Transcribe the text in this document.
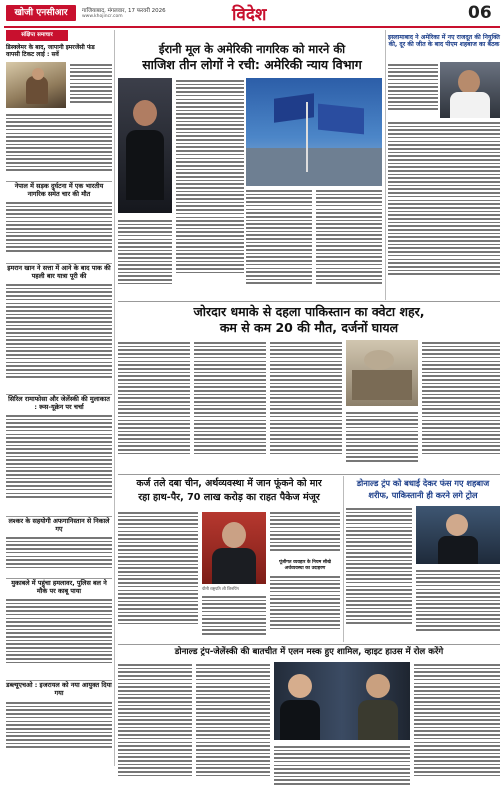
खोजी एनसीआर	गाजियाबाद, मंगलवार, 17 फरवरी 2026
www.khojincr.com	विदेश	06
संक्षिप्त समाचार
डिस्क्लेमर के बाद, जापानी इमरजेंसी फंड वापसी टिकट लाई : सर्वे
नेपाल में सड़क दुर्घटना में एक भारतीय नागरिक समेत चार की मौत
इमरान खान ने सत्ता में आने के बाद पाक की पहली बार यात्रा पूरी की
सिरिल रामाफोसा और जेलेंस्की की मुलाकात : रूस-यूक्रेन पर चर्चा
लश्कर के सहयोगी अफगानिस्तान से निकाले गए
मुकाबले में पहुंचा हमलावर, पुलिस बल ने मौके पर काबू पाया
डब्ल्यूएचओ : इजरायल को नया आयुक्त दिया गया
ईरानी मूल के अमेरिकी नागरिक को मारने की
साजिश तीन लोगों ने रची: अमेरिकी न्याय विभाग
इस्लामाबाद ने अमेरिका में नए राजदूत की नियुक्ति की, दूर की जीत के बाद पीएम शहबाज का बैठक
जोरदार धमाके से दहला पाकिस्तान का क्वेटा शहर,
कम से कम 20 की मौत, दर्जनों घायल
कर्ज तले दबा चीन, अर्थव्यवस्था में जान फूंकने को मार
रहा हाथ-पैर, 70 लाख करोड़ का राहत पैकेज मंजूर
चीनी राष्ट्रपति शी जिनपिंग
पूंजीगत व्यवहार के नियम सीखे अर्थव्यवस्था का उदाहरण
डोनाल्ड ट्रंप को बधाई देकर फंस गए शहबाज
शरीफ, पाकिस्तानी ही करने लगे ट्रोल
डोनाल्ड ट्रंप-जेलेंस्की की बातचीत में एलन मस्क हुए शामिल, व्हाइट हाउस में रोल करेंगे
